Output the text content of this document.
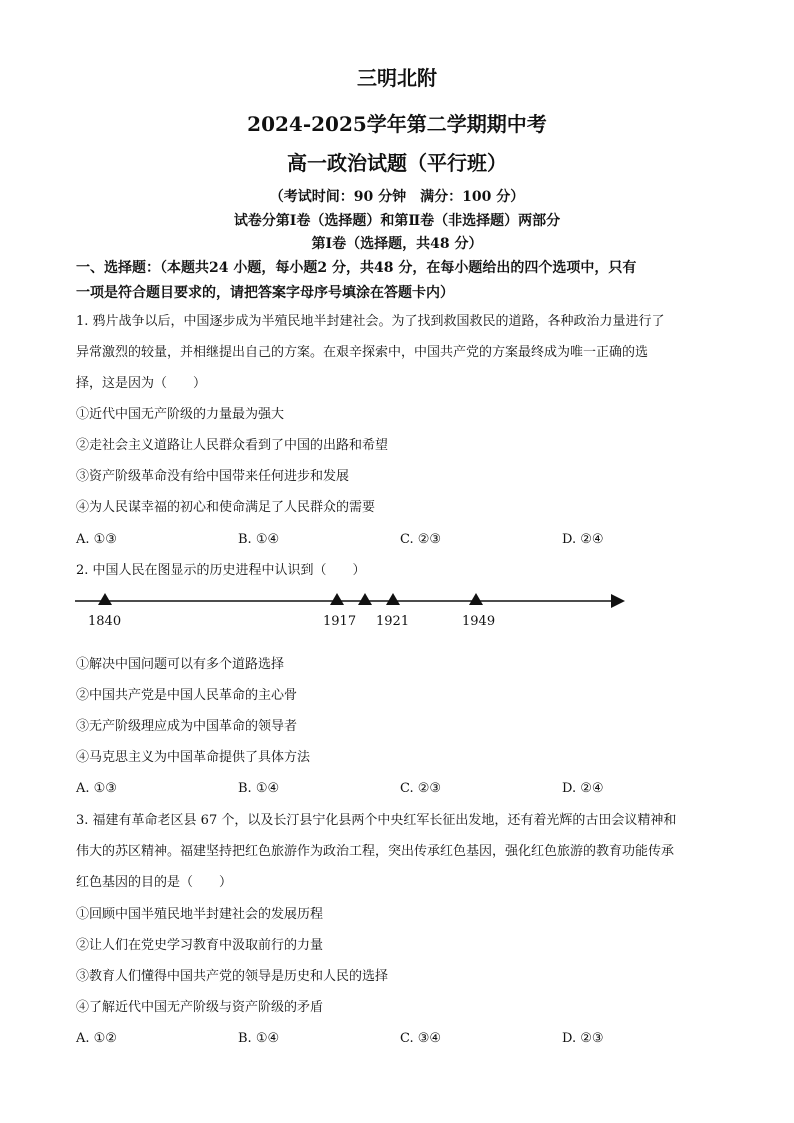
三明北附
2024-2025学年第二学期期中考
高一政治试题（平行班）
（考试时间：90 分钟　满分：100 分）
试卷分第Ⅰ卷（选择题）和第Ⅱ卷（非选择题）两部分
第Ⅰ卷（选择题，共48 分）
一、选择题：（本题共24 小题，每小题2 分，共48 分，在每小题给出的四个选项中，只有
一项是符合题目要求的，请把答案字母序号填涂在答题卡内）
1. 鸦片战争以后，中国逐步成为半殖民地半封建社会。为了找到救国救民的道路，各种政治力量进行了
异常激烈的较量，并相继提出自己的方案。在艰辛探索中，中国共产党的方案最终成为唯一正确的选
择，这是因为（　　）
①近代中国无产阶级的力量最为强大
②走社会主义道路让人民群众看到了中国的出路和希望
③资产阶级革命没有给中国带来任何进步和发展
④为人民谋幸福的初心和使命满足了人民群众的需要
A. ①③	B. ①④	C. ②③	D. ②④
2. 中国人民在图显示的历史进程中认识到（　　）
1840	1917 1921	1949
①解决中国问题可以有多个道路选择
②中国共产党是中国人民革命的主心骨
③无产阶级理应成为中国革命的领导者
④马克思主义为中国革命提供了具体方法
A. ①③	B. ①④	C. ②③	D. ②④
3. 福建有革命老区县 67 个，以及长汀县宁化县两个中央红军长征出发地，还有着光辉的古田会议精神和
伟大的苏区精神。福建坚持把红色旅游作为政治工程，突出传承红色基因，强化红色旅游的教育功能传承
红色基因的目的是（　　）
①回顾中国半殖民地半封建社会的发展历程
②让人们在党史学习教育中汲取前行的力量
③教育人们懂得中国共产党的领导是历史和人民的选择
④了解近代中国无产阶级与资产阶级的矛盾
A. ①②	B. ①④	C. ③④	D. ②③
